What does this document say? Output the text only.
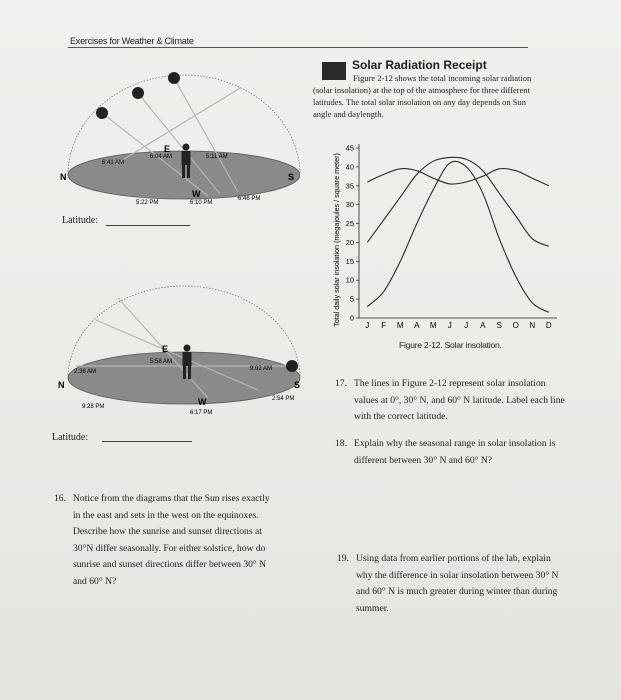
Exercises for Weather & Climate
Solar Radiation Receipt
Figure 2-12 shows the total incoming solar radiation (solar insolation) at the top of the atmosphere for three different latitudes. The total solar insolation on any day depends on Sun angle and daylength.
N	S
E
W
6:41 AM
6:04 AM	5:11 AM
5:22 PM	6:10 PM
6:46 PM
Latitude:
N	S
E
W
2:36 AM
5:58 AM
9:02 AM
9:28 PM
6:17 PM
2:54 PM
Latitude:
Total daily solar insolation (megajoules / square meter) 0
5
10
15
20
25
30
35
40
45
J F M A M J J A S O N D
Figure 2-12. Solar insolation.
17. The lines in Figure 2-12 represent solar insolation
values at 0°, 30° N, and 60° N latitude. Label each line
with the correct latitude.
18. Explain why the seasonal range in solar insolation is
different between 30° N and 60° N?
16. Notice from the diagrams that the Sun rises exactly
in the east and sets in the west on the equinoxes.
Describe how the sunrise and sunset directions at
30°N differ seasonally. For either solstice, how do
sunrise and sunset directions differ between 30° N
and 60° N?
19. Using data from earlier portions of the lab, explain
why the difference in solar insolation between 30° N
and 60° N is much greater during winter than during
summer.
